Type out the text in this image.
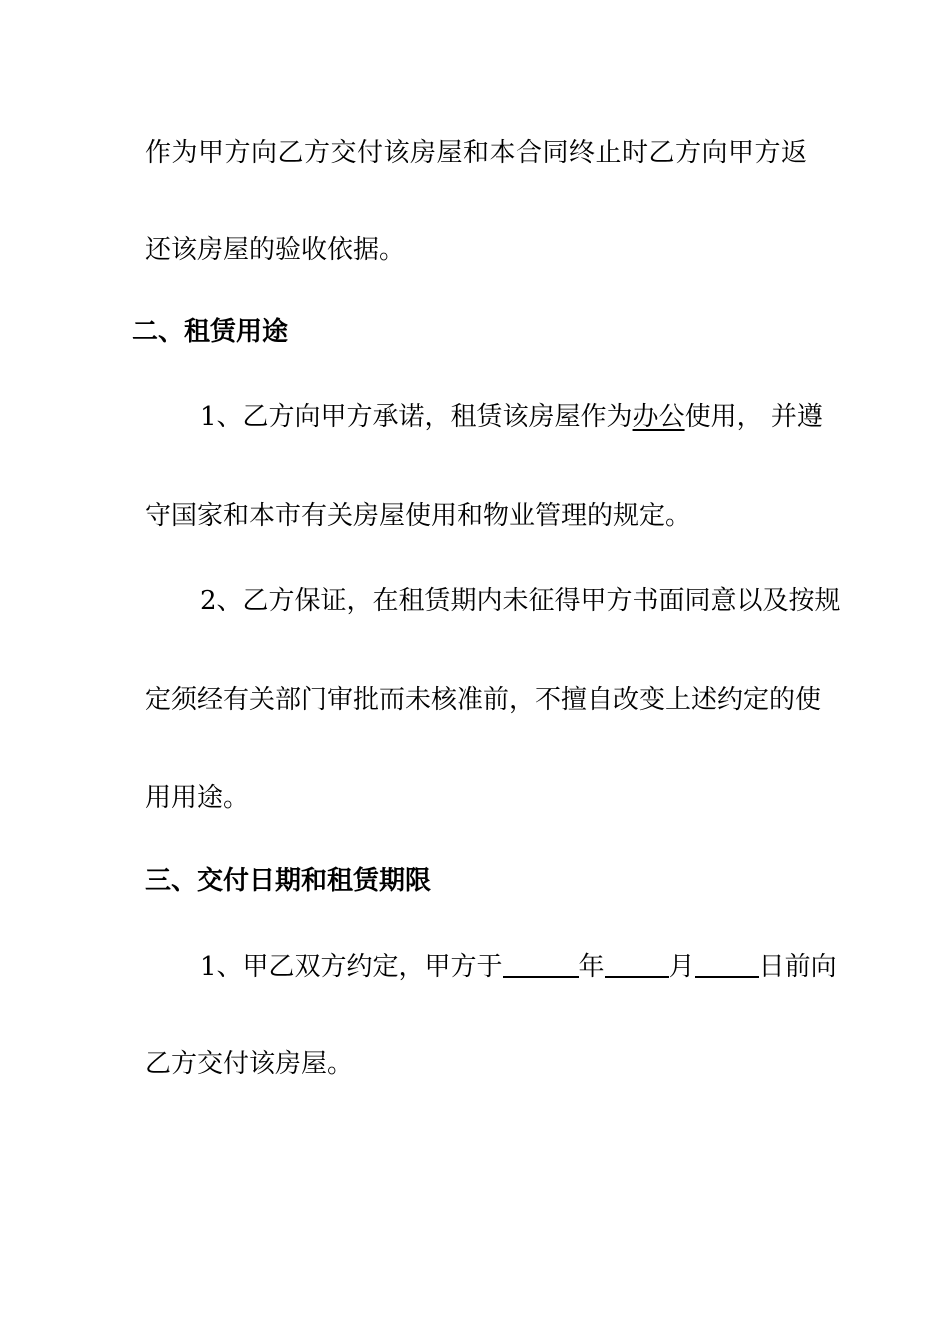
作为甲方向乙方交付该房屋和本合同终止时乙方向甲方返
还该房屋的验收依据。
二、租赁用途
1、乙方向甲方承诺，租赁该房屋作为办公使用， 并遵
守国家和本市有关房屋使用和物业管理的规定。
2、乙方保证，在租赁期内未征得甲方书面同意以及按规
定须经有关部门审批而未核准前，不擅自改变上述约定的使
用用途。
三、交付日期和租赁期限
1、甲乙双方约定，甲方于	年 月 日前向
乙方交付该房屋。
